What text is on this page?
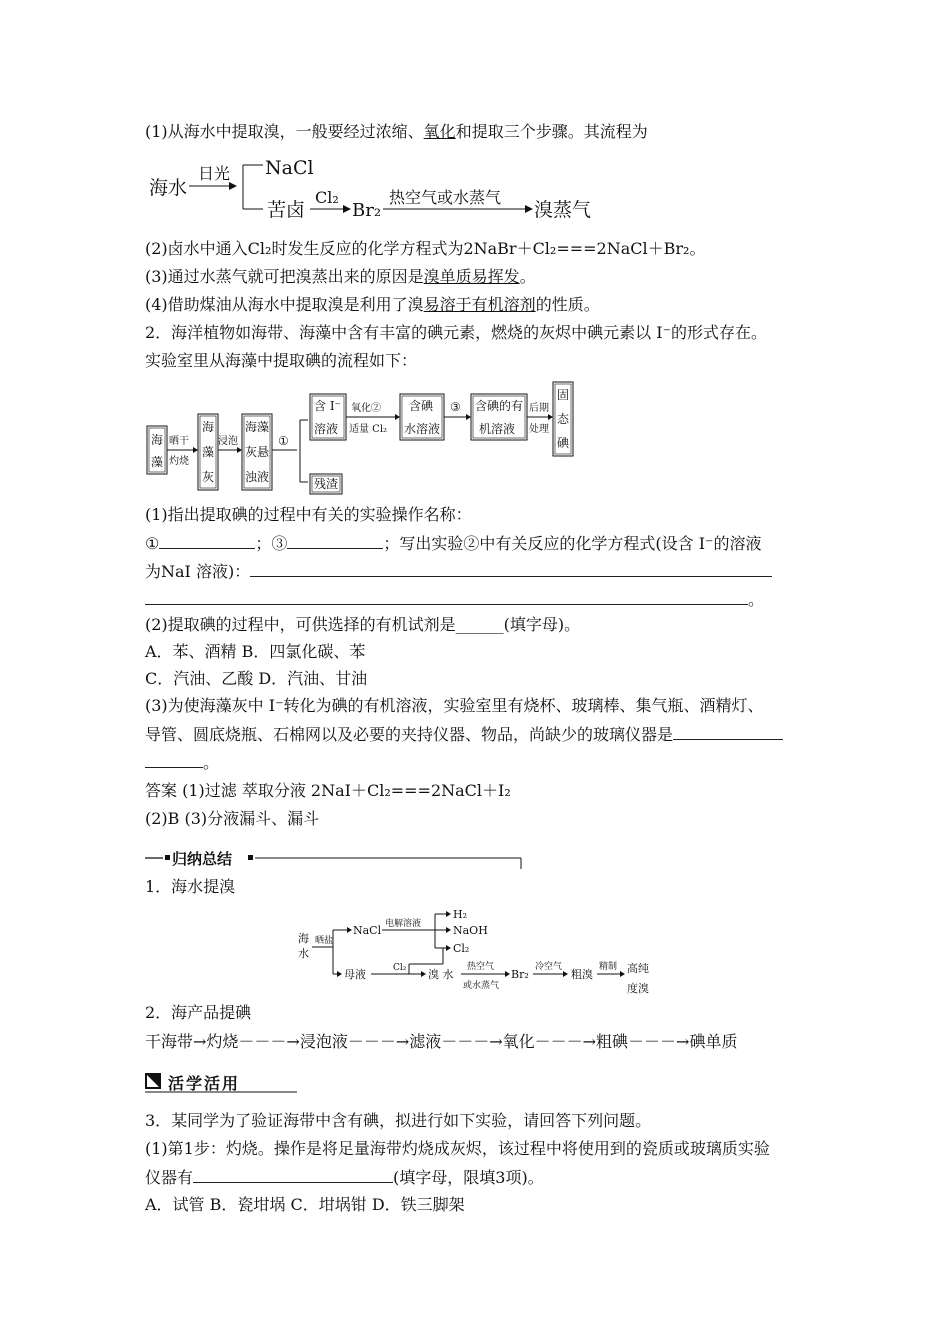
(1)从海水中提取溴，一般要经过浓缩、氧化和提取三个步骤。其流程为
海水
日光 NaCl
苦卤
Cl₂
Br₂
热空气或水蒸气
溴蒸气
(2)卤水中通入Cl₂时发生反应的化学方程式为2NaBr＋Cl₂===2NaCl＋Br₂。
(3)通过水蒸气就可把溴蒸出来的原因是溴单质易挥发。
(4)借助煤油从海水中提取溴是利用了溴易溶于有机溶剂的性质。
2．海洋植物如海带、海藻中含有丰富的碘元素，燃烧的灰烬中碘元素以 I⁻的形式存在。
实验室里从海藻中提取碘的流程如下：
海
藻
晒干
灼烧
海
藻
灰
浸泡
海藻
灰悬
浊液
①
含 I⁻
溶液
残渣
氧化②
适量 Cl₂
含碘
水溶液
③ 含碘的有
机溶液
后期
处理
固
态
碘
(1)指出提取碘的过程中有关的实验操作名称：
①	；③	；写出实验②中有关反应的化学方程式(设含 I⁻的溶液
为NaI 溶液)：
。
(2)提取碘的过程中，可供选择的有机试剂是______(填字母)。
A．苯、酒精 B．四氯化碳、苯
C．汽油、乙酸 D．汽油、甘油
(3)为使海藻灰中 I⁻转化为碘的有机溶液，实验室里有烧杯、玻璃棒、集气瓶、酒精灯、
导管、圆底烧瓶、石棉网以及必要的夹持仪器、物品，尚缺少的玻璃仪器是
。
答案 (1)过滤 萃取分液 2NaI＋Cl₂===2NaCl＋I₂
(2)B (3)分液漏斗、漏斗
归纳总结
1．海水提溴
海
水
晒盐
NaCl 电解溶液
H₂
NaOH
Cl₂
母液	Cl₂ 溴 水
热空气
或水蒸气
Br₂
冷空气
粗溴
精制 高纯
度溴
2．海产品提碘
干海带→灼烧－－－→浸泡液－－－→滤液－－－→氧化－－－→粗碘－－－→碘单质
活学活用
3．某同学为了验证海带中含有碘，拟进行如下实验，请回答下列问题。
(1)第1步：灼烧。操作是将足量海带灼烧成灰烬，该过程中将使用到的瓷质或玻璃质实验
仪器有	(填字母，限填3项)。
A．试管 B．瓷坩埚 C．坩埚钳 D．铁三脚架
